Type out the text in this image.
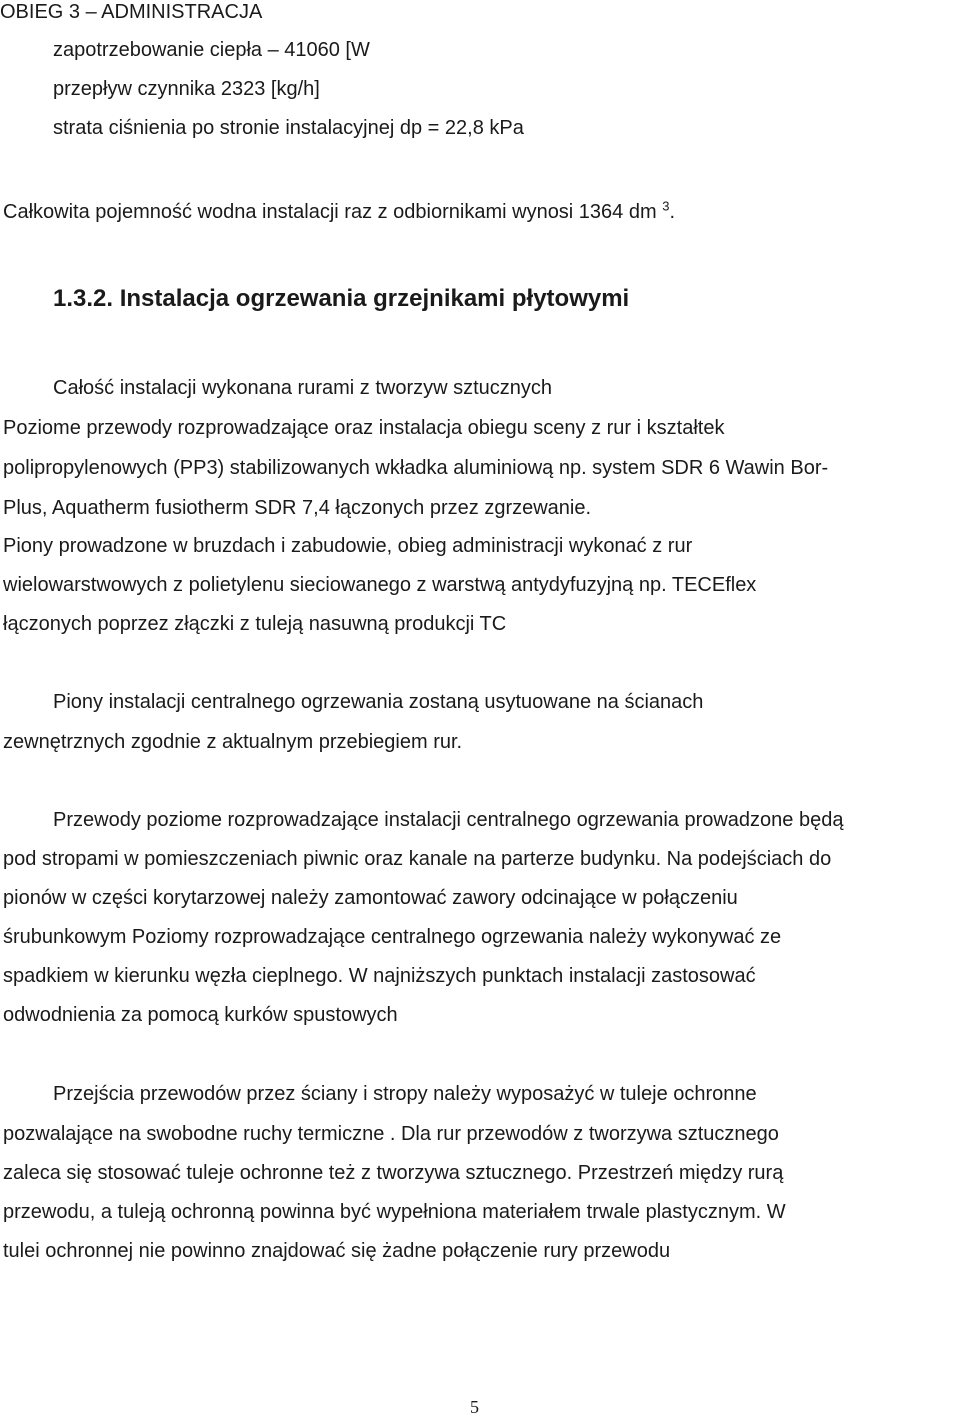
OBIEG 3 – ADMINISTRACJA
zapotrzebowanie ciepła – 41060 [W
przepływ czynnika 2323 [kg/h]
strata ciśnienia po stronie instalacyjnej dp = 22,8 kPa
Całkowita pojemność wodna instalacji raz z odbiornikami wynosi 1364 dm $^3$.
1.3.2. Instalacja ogrzewania grzejnikami płytowymi
Całość instalacji wykonana rurami z tworzyw sztucznych
Poziome przewody rozprowadzające oraz instalacja obiegu sceny z rur i kształtek
polipropylenowych (PP3) stabilizowanych wkładka aluminiową np. system SDR 6 Wawin Bor-
Plus, Aquatherm fusiotherm SDR 7,4 łączonych przez zgrzewanie.
Piony prowadzone w bruzdach i zabudowie, obieg administracji wykonać z rur
wielowarstwowych z polietylenu sieciowanego z warstwą antydyfuzyjną np. TECEflex
łączonych poprzez złączki z tuleją nasuwną produkcji TC
Piony instalacji centralnego ogrzewania zostaną usytuowane na ścianach
zewnętrznych zgodnie z aktualnym przebiegiem rur.
Przewody poziome rozprowadzające instalacji centralnego ogrzewania prowadzone będą
pod stropami w pomieszczeniach piwnic oraz kanale na parterze budynku. Na podejściach do
pionów w części korytarzowej należy zamontować zawory odcinające w połączeniu
śrubunkowym Poziomy rozprowadzające centralnego ogrzewania należy wykonywać ze
spadkiem w kierunku węzła cieplnego. W najniższych punktach instalacji zastosować
odwodnienia za pomocą kurków spustowych
Przejścia przewodów przez ściany i stropy należy wyposażyć w tuleje ochronne
pozwalające na swobodne ruchy termiczne . Dla rur przewodów z tworzywa sztucznego
zaleca się stosować tuleje ochronne też z tworzywa sztucznego. Przestrzeń między rurą
przewodu, a tuleją ochronną powinna być wypełniona materiałem trwale plastycznym. W
tulei ochronnej nie powinno znajdować się żadne połączenie rury przewodu
5
